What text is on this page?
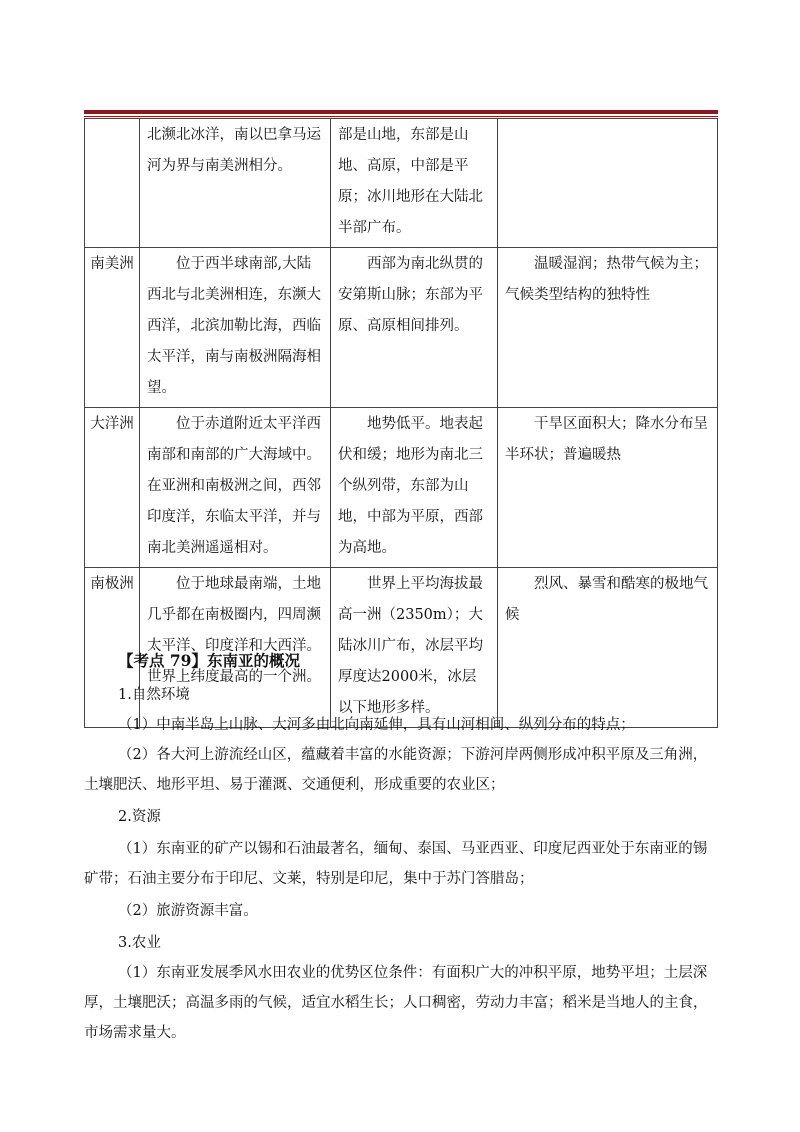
	北濒北冰洋，南以巴拿马运河为界与南美洲相分。	部是山地，东部是山地、高原，中部是平原；冰川地形在大陆北半部广布。	
南美洲	位于西半球南部,大陆西北与北美洲相连，东濒大西洋，北滨加勒比海，西临太平洋，南与南极洲隔海相望。	西部为南北纵贯的安第斯山脉；东部为平原、高原相间排列。	温暖湿润；热带气候为主；气候类型结构的独特性
大洋洲	位于赤道附近太平洋西南部和南部的广大海域中。在亚洲和南极洲之间，西邻印度洋，东临太平洋，并与南北美洲遥遥相对。	地势低平。地表起伏和缓；地形为南北三个纵列带，东部为山地，中部为平原，西部为高地。	干旱区面积大；降水分布呈半环状；普遍暖热
南极洲	位于地球最南端，土地几乎都在南极圈内，四周濒太平洋、印度洋和大西洋。世界上纬度最高的一个洲。	世界上平均海拔最高一洲（2350m）；大陆冰川广布，冰层平均厚度达2000米，冰层以下地形多样。	烈风、暴雪和酷寒的极地气候
【考点 79】东南亚的概况
1.自然环境
（1）中南半岛上山脉、大河多由北向南延伸，具有山河相间、纵列分布的特点；
（2）各大河上游流经山区，蕴藏着丰富的水能资源；下游河岸两侧形成冲积平原及三角洲，土壤肥沃、地形平坦、易于灌溉、交通便利，形成重要的农业区；
2.资源
（1）东南亚的矿产以锡和石油最著名，缅甸、泰国、马亚西亚、印度尼西亚处于东南亚的锡矿带；石油主要分布于印尼、文莱，特别是印尼，集中于苏门答腊岛；
（2）旅游资源丰富。
3.农业
（1）东南亚发展季风水田农业的优势区位条件：有面积广大的冲积平原，地势平坦；土层深厚，土壤肥沃；高温多雨的气候，适宜水稻生长；人口稠密，劳动力丰富；稻米是当地人的主食，市场需求量大。
